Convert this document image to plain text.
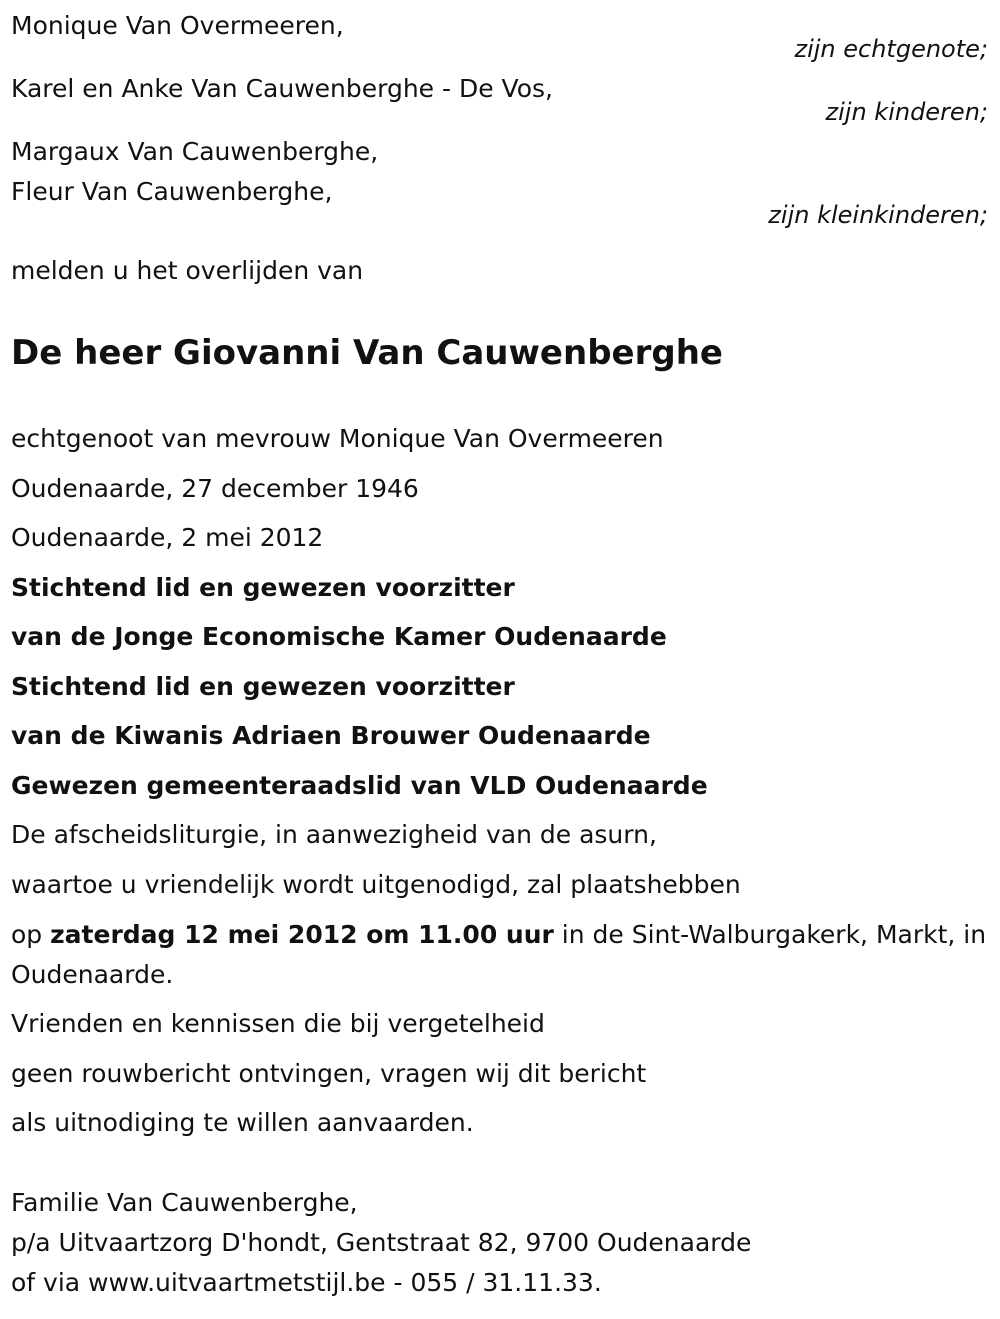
Monique Van Overmeeren,
zijn echtgenote;
Karel en Anke Van Cauwenberghe - De Vos,
zijn kinderen;
Margaux Van Cauwenberghe,
Fleur Van Cauwenberghe,
zijn kleinkinderen;
melden u het overlijden van
De heer Giovanni Van Cauwenberghe
echtgenoot van mevrouw Monique Van Overmeeren
Oudenaarde, 27 december 1946
Oudenaarde, 2 mei 2012
Stichtend lid en gewezen voorzitter
van de Jonge Economische Kamer Oudenaarde
Stichtend lid en gewezen voorzitter
van de Kiwanis Adriaen Brouwer Oudenaarde
Gewezen gemeenteraadslid van VLD Oudenaarde
De afscheidsliturgie, in aanwezigheid van de asurn,
waartoe u vriendelijk wordt uitgenodigd, zal plaatshebben
op zaterdag 12 mei 2012 om 11.00 uur in de Sint-Walburgakerk, Markt, in Oudenaarde.
Vrienden en kennissen die bij vergetelheid
geen rouwbericht ontvingen, vragen wij dit bericht
als uitnodiging te willen aanvaarden.
Familie Van Cauwenberghe,
p/a Uitvaartzorg D'hondt, Gentstraat 82, 9700 Oudenaarde
of via www.uitvaartmetstijl.be - 055 / 31.11.33.
